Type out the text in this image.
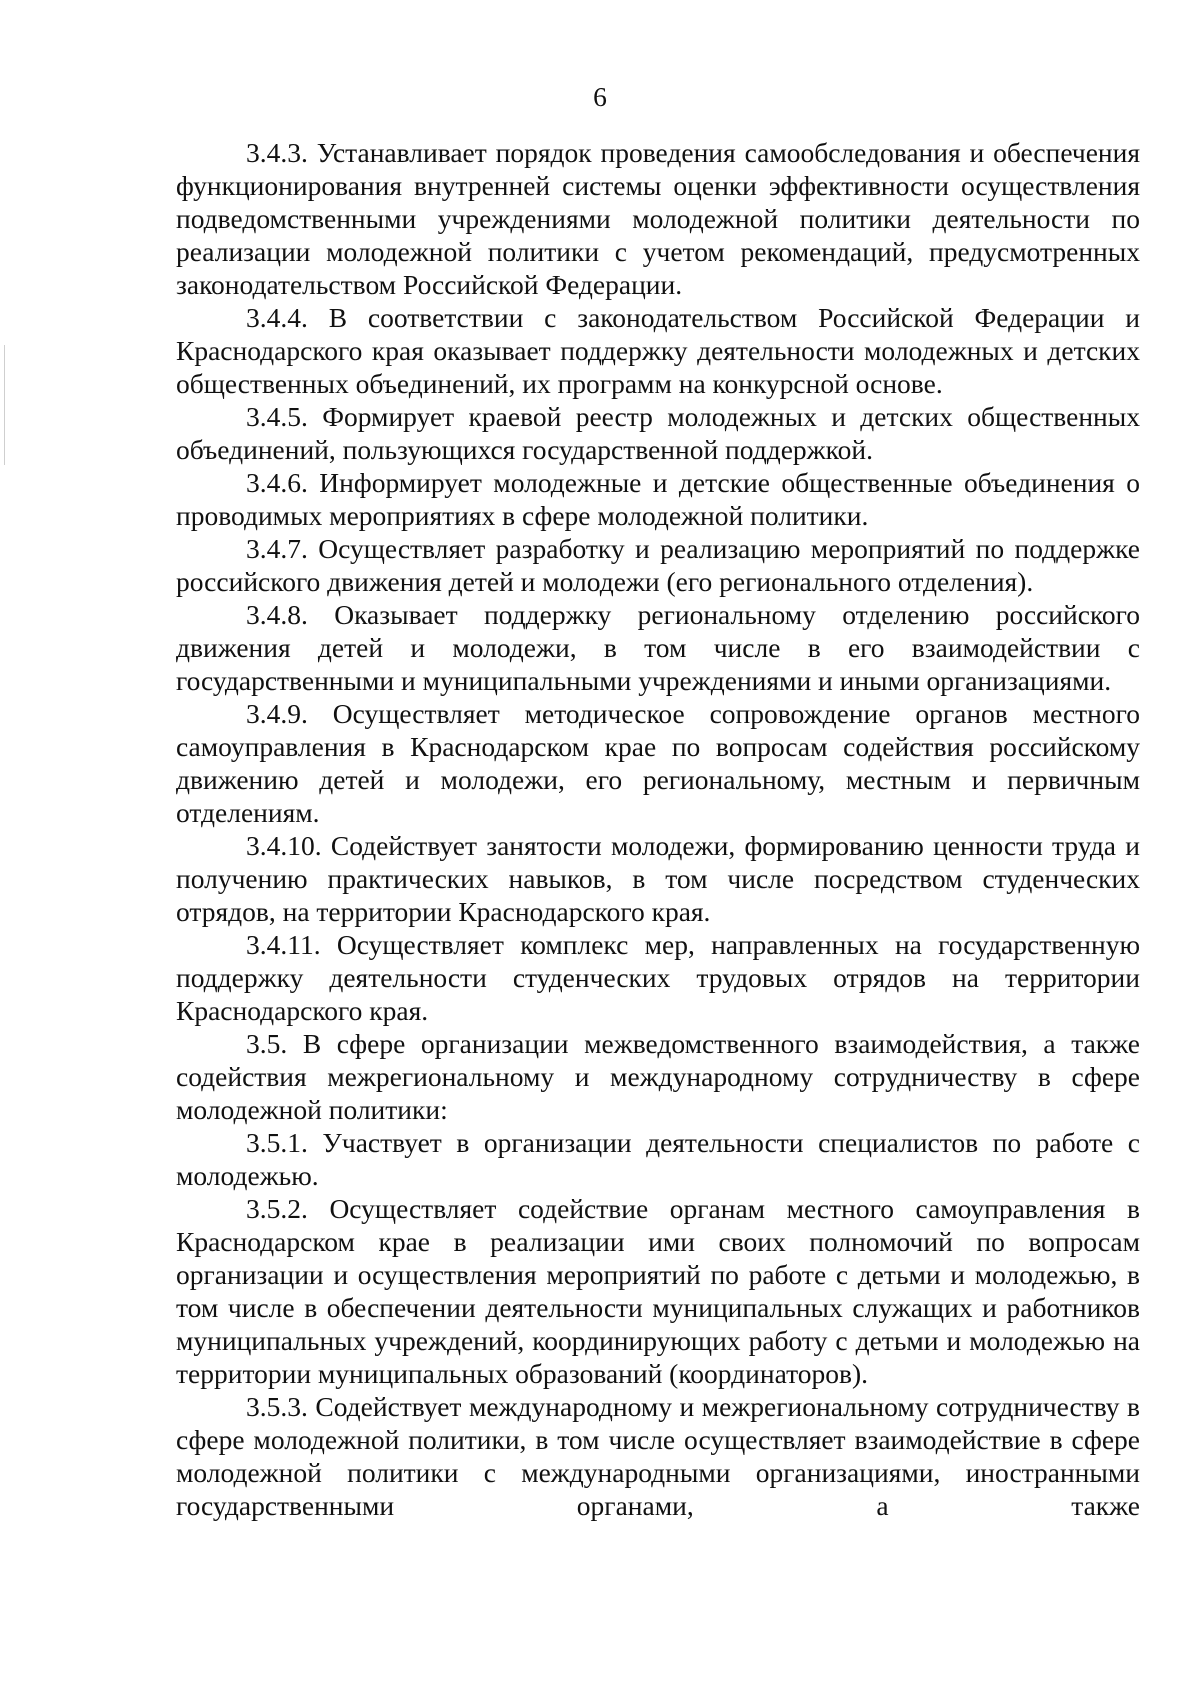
6

3.4.3. Устанавливает порядок проведения самообследования и обеспечения функционирования внутренней системы оценки эффективности осуществления подведомственными учреждениями молодежной политики деятельности по реализации молодежной политики с учетом рекомендаций, предусмотренных законодательством Российской Федерации.

3.4.4. В соответствии с законодательством Российской Федерации и Краснодарского края оказывает поддержку деятельности молодежных и детских общественных объединений, их программ на конкурсной основе.

3.4.5. Формирует краевой реестр молодежных и детских общественных объединений, пользующихся государственной поддержкой.

3.4.6. Информирует молодежные и детские общественные объединения о проводимых мероприятиях в сфере молодежной политики.

3.4.7. Осуществляет разработку и реализацию мероприятий по поддержке российского движения детей и молодежи (его регионального отделения).

3.4.8. Оказывает поддержку региональному отделению российского движения детей и молодежи, в том числе в его взаимодействии с государственными и муниципальными учреждениями и иными организациями.

3.4.9. Осуществляет методическое сопровождение органов местного самоуправления в Краснодарском крае по вопросам содействия российскому движению детей и молодежи, его региональному, местным и первичным отделениям.

3.4.10. Содействует занятости молодежи, формированию ценности труда и получению практических навыков, в том числе посредством студенческих отрядов, на территории Краснодарского края.

3.4.11. Осуществляет комплекс мер, направленных на государственную поддержку деятельности студенческих трудовых отрядов на территории Краснодарского края.

3.5. В сфере организации межведомственного взаимодействия, а также содействия межрегиональному и международному сотрудничеству в сфере молодежной политики:

3.5.1. Участвует в организации деятельности специалистов по работе с молодежью.

3.5.2. Осуществляет содействие органам местного самоуправления в Краснодарском крае в реализации ими своих полномочий по вопросам организации и осуществления мероприятий по работе с детьми и молодежью, в том числе в обеспечении деятельности муниципальных служащих и работников муниципальных учреждений, координирующих работу с детьми и молодежью на территории муниципальных образований (координаторов).

3.5.3. Содействует международному и межрегиональному сотрудничеству в сфере молодежной политики, в том числе осуществляет взаимодействие в сфере молодежной политики с международными организациями, иностранными государственными органами, а также
